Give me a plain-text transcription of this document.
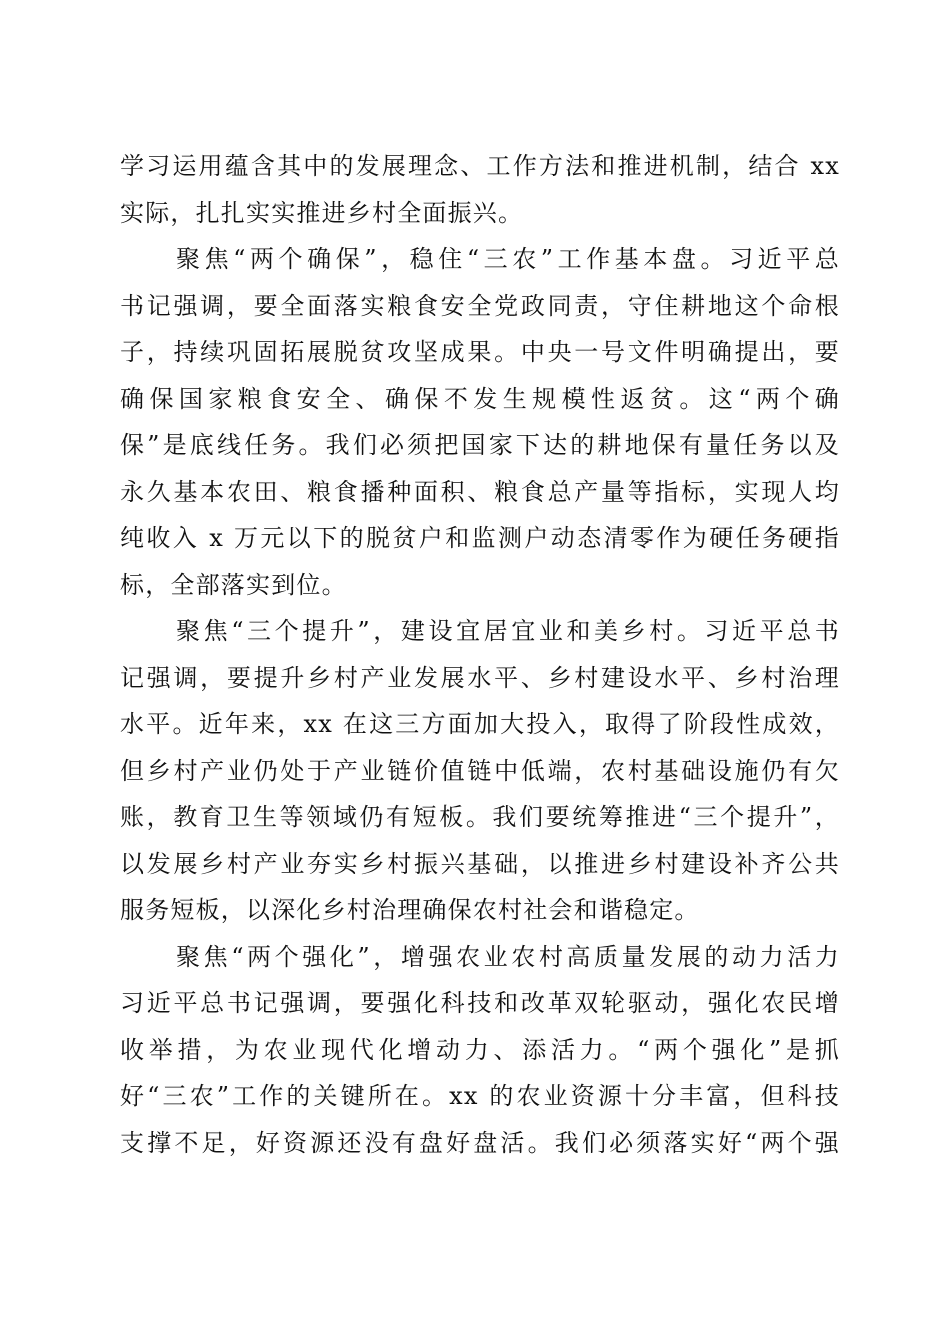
学习运用蕴含其中的发展理念、工作方法和推进机制，结合 xx
实际，扎扎实实推进乡村全面振兴。
聚焦“两个确保”，稳住“三农”工作基本盘。习近平总
书记强调，要全面落实粮食安全党政同责，守住耕地这个命根
子，持续巩固拓展脱贫攻坚成果。中央一号文件明确提出，要
确保国家粮食安全、确保不发生规模性返贫。这“两个确
保”是底线任务。我们必须把国家下达的耕地保有量任务以及
永久基本农田、粮食播种面积、粮食总产量等指标，实现人均
纯收入 x 万元以下的脱贫户和监测户动态清零作为硬任务硬指
标，全部落实到位。
聚焦“三个提升”，建设宜居宜业和美乡村。习近平总书
记强调，要提升乡村产业发展水平、乡村建设水平、乡村治理
水平。近年来，xx 在这三方面加大投入，取得了阶段性成效，
但乡村产业仍处于产业链价值链中低端，农村基础设施仍有欠
账，教育卫生等领域仍有短板。我们要统筹推进“三个提升”，
以发展乡村产业夯实乡村振兴基础，以推进乡村建设补齐公共
服务短板，以深化乡村治理确保农村社会和谐稳定。
聚焦“两个强化”，增强农业农村高质量发展的动力活力
习近平总书记强调，要强化科技和改革双轮驱动，强化农民增
收举措，为农业现代化增动力、添活力。“两个强化”是抓
好“三农”工作的关键所在。xx 的农业资源十分丰富，但科技
支撑不足，好资源还没有盘好盘活。我们必须落实好“两个强
